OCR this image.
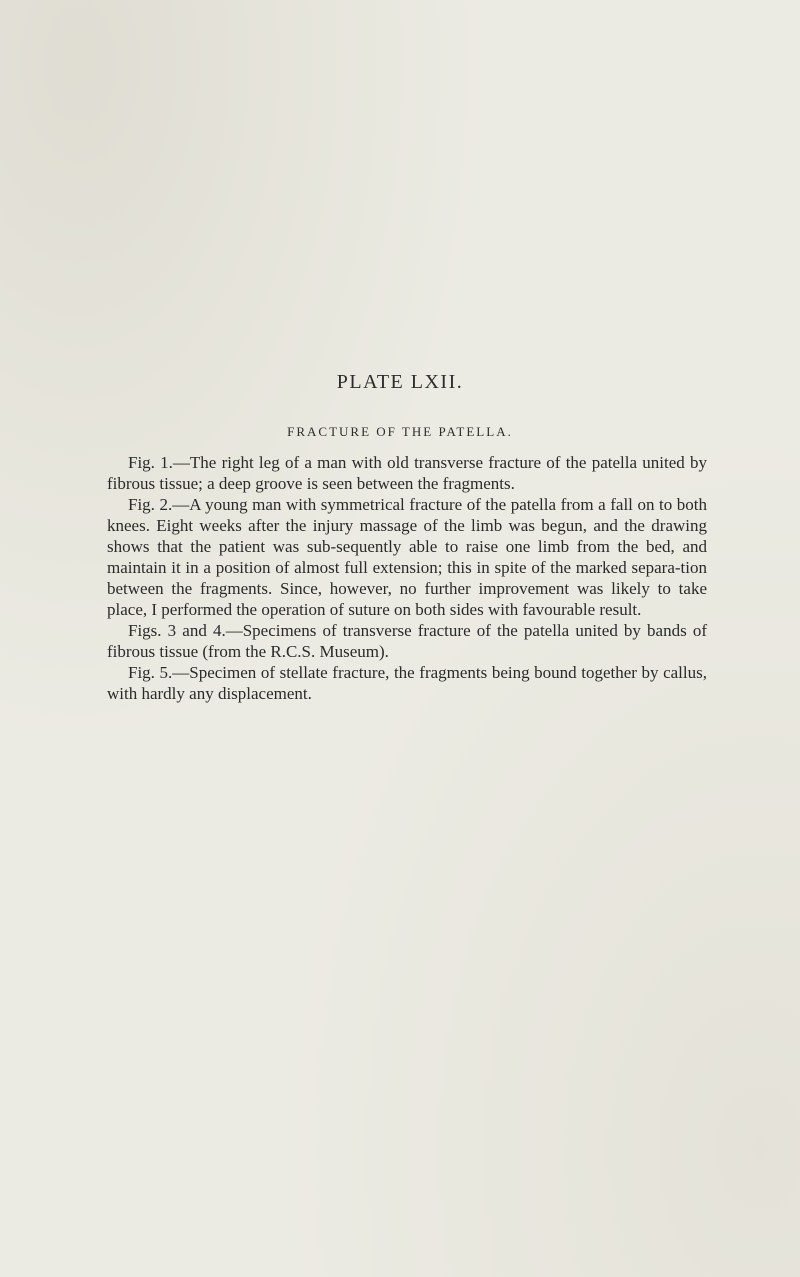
PLATE LXII.
FRACTURE OF THE PATELLA.

Fig. 1.—The right leg of a man with old transverse fracture of the patella united by fibrous tissue; a deep groove is seen between the fragments.

Fig. 2.—A young man with symmetrical fracture of the patella from a fall on to both knees. Eight weeks after the injury massage of the limb was begun, and the drawing shows that the patient was sub-sequently able to raise one limb from the bed, and maintain it in a position of almost full extension; this in spite of the marked separa-tion between the fragments. Since, however, no further improvement was likely to take place, I performed the operation of suture on both sides with favourable result.

Figs. 3 and 4.—Specimens of transverse fracture of the patella united by bands of fibrous tissue (from the R.C.S. Museum).

Fig. 5.—Specimen of stellate fracture, the fragments being bound together by callus, with hardly any displacement.
